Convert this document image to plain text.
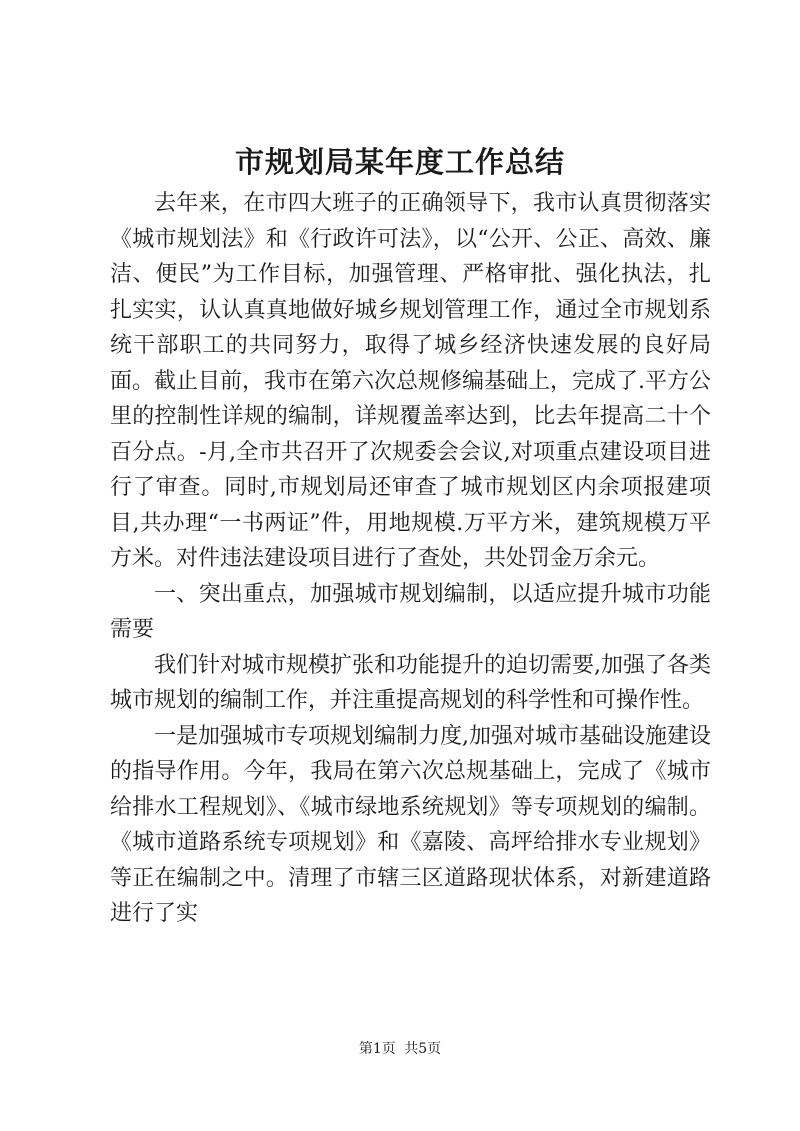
市规划局某年度工作总结

去年来，在市四大班子的正确领导下，我市认真贯彻落实《城市规划法》和《行政许可法》，以“公开、公正、高效、廉洁、便民”为工作目标，加强管理、严格审批、强化执法，扎扎实实，认认真真地做好城乡规划管理工作，通过全市规划系统干部职工的共同努力，取得了城乡经济快速发展的良好局面。截止目前，我市在第六次总规修编基础上，完成了.平方公里的控制性详规的编制，详规覆盖率达到，比去年提高二十个百分点。-月,全市共召开了次规委会会议,对项重点建设项目进行了审查。同时,市规划局还审查了城市规划区内余项报建项目,共办理“一书两证”件，用地规模.万平方米，建筑规模万平方米。对件违法建设项目进行了查处，共处罚金万余元。

一、突出重点，加强城市规划编制，以适应提升城市功能需要

我们针对城市规模扩张和功能提升的迫切需要,加强了各类城市规划的编制工作，并注重提高规划的科学性和可操作性。

一是加强城市专项规划编制力度,加强对城市基础设施建设的指导作用。今年，我局在第六次总规基础上，完成了《城市给排水工程规划》、《城市绿地系统规划》等专项规划的编制。《城市道路系统专项规划》和《嘉陵、高坪给排水专业规划》等正在编制之中。清理了市辖三区道路现状体系，对新建道路进行了实

第1页 共5页
